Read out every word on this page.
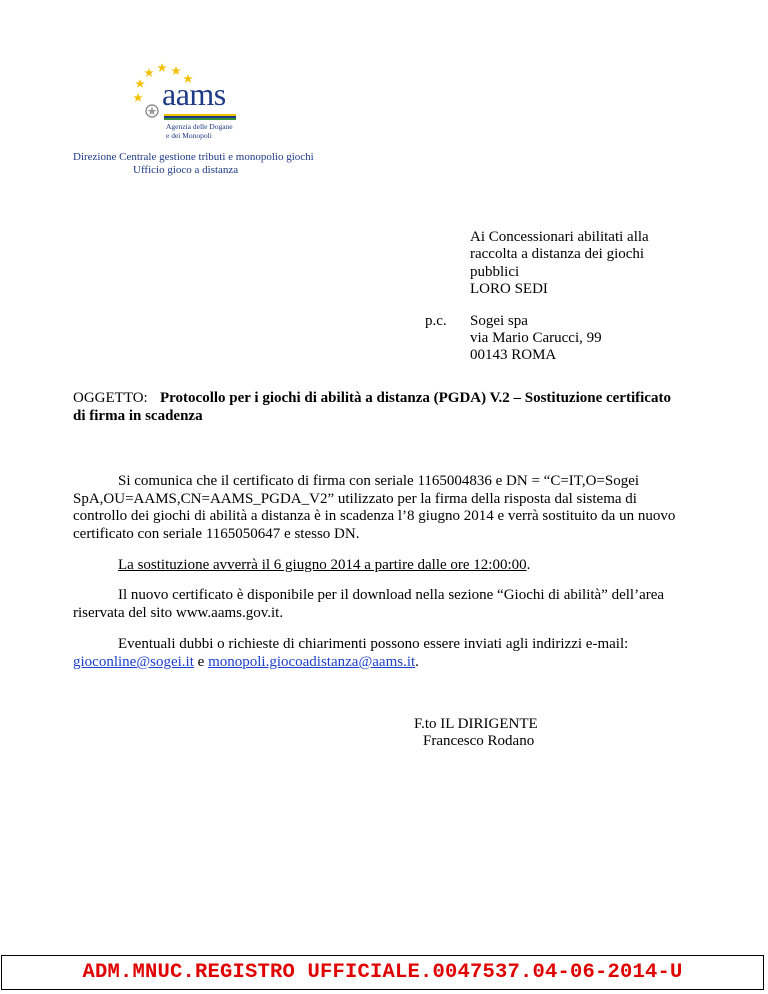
aams
Agenzia delle Dogane
e dei Monopoli
Direzione Centrale gestione tributi e monopolio giochi
Ufficio gioco a distanza
Ai Concessionari abilitati alla
raccolta a distanza dei giochi
pubblici
LORO SEDI
p.c. Sogei spa
via Mario Carucci, 99
00143 ROMA
OGGETTO: Protocollo per i giochi di abilità a distanza (PGDA) V.2 – Sostituzione certificato
di firma in scadenza
Si comunica che il certificato di firma con seriale 1165004836 e DN = “C=IT,O=Sogei
SpA,OU=AAMS,CN=AAMS_PGDA_V2” utilizzato per la firma della risposta dal sistema di
controllo dei giochi di abilità a distanza è in scadenza l’8 giugno 2014 e verrà sostituito da un nuovo
certificato con seriale 1165050647 e stesso DN.
La sostituzione avverrà il 6 giugno 2014 a partire dalle ore 12:00:00.
Il nuovo certificato è disponibile per il download nella sezione “Giochi di abilità” dell’area
riservata del sito www.aams.gov.it.
Eventuali dubbi o richieste di chiarimenti possono essere inviati agli indirizzi e-mail:
gioconline@sogei.it e monopoli.giocoadistanza@aams.it.
F.to IL DIRIGENTE
Francesco Rodano
ADM.MNUC.REGISTRO UFFICIALE.0047537.04-06-2014-U
